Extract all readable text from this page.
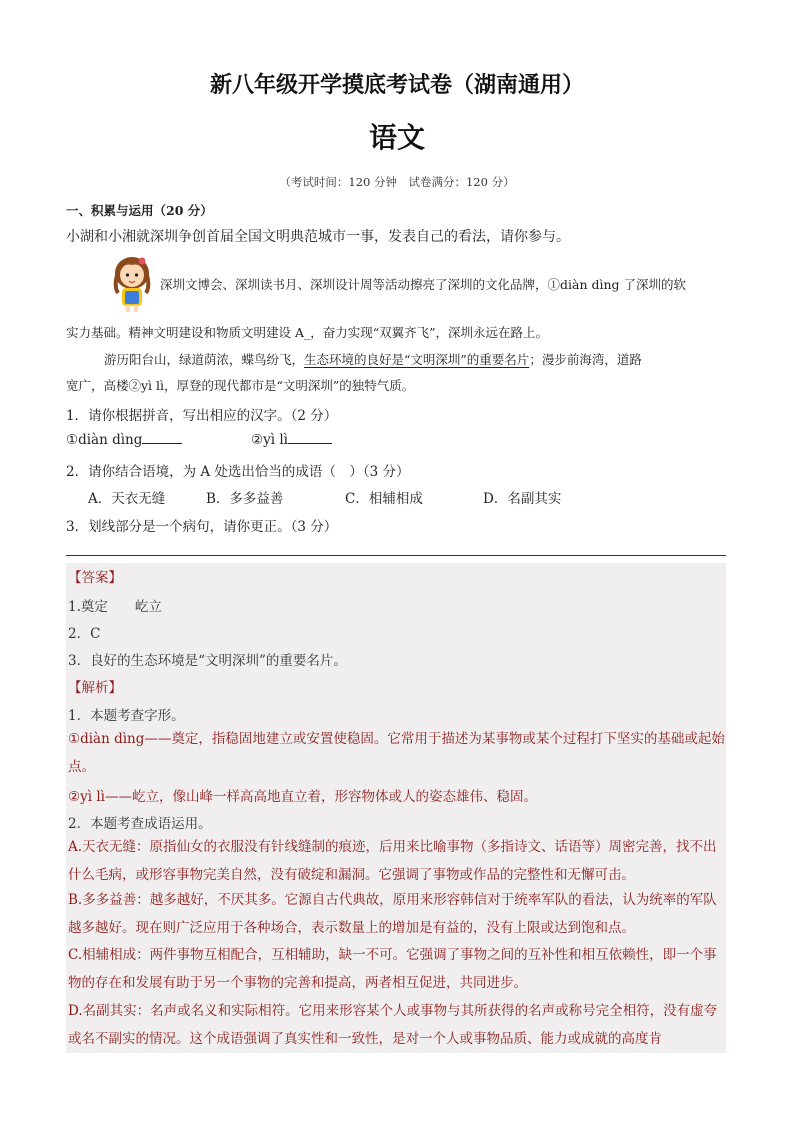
新八年级开学摸底考试卷（湖南通用）
语文
（考试时间：120 分钟　试卷满分：120 分）
一、积累与运用（20 分）
小湖和小湘就深圳争创首届全国文明典范城市一事，发表自己的看法，请你参与。
深圳文博会、深圳读书月、深圳设计周等活动擦亮了深圳的文化品牌，①diàn dìng 了深圳的软
实力基础。精神文明建设和物质文明建设 A_，奋力实现“双翼齐飞”，深圳永远在路上。
游历阳台山，绿道荫浓，蝶鸟纷飞，生态环境的良好是“文明深圳”的重要名片；漫步前海湾，道路
宽广，高楼②yì lì，厚登的现代都市是“文明深圳”的独特气质。
1．请你根据拼音，写出相应的汉字。（2 分）
①diàn dìng	②yì lì
2．请你结合语境，为 A 处选出恰当的成语（　）（3 分）
A．天衣无缝	B．多多益善	C．相辅相成	D．名副其实
3．划线部分是一个病句，请你更正。（3 分）
【答案】
1.奠定　　屹立
2．C
3．良好的生态环境是“文明深圳”的重要名片。
【解析】
1．本题考查字形。
①diàn dìng——奠定，指稳固地建立或安置使稳固。它常用于描述为某事物或某个过程打下坚实的基础或起始点。
②yì lì——屹立，像山峰一样高高地直立着，形容物体或人的姿态雄伟、稳固。
2．本题考查成语运用。
A.天衣无缝：原指仙女的衣服没有针线缝制的痕迹，后用来比喻事物（多指诗文、话语等）周密完善，找不出什么毛病，或形容事物完美自然，没有破绽和漏洞。它强调了事物或作品的完整性和无懈可击。
B.多多益善：越多越好，不厌其多。它源自古代典故，原用来形容韩信对于统率军队的看法，认为统率的军队越多越好。现在则广泛应用于各种场合，表示数量上的增加是有益的，没有上限或达到饱和点。
C.相辅相成：两件事物互相配合，互相辅助，缺一不可。它强调了事物之间的互补性和相互依赖性，即一个事物的存在和发展有助于另一个事物的完善和提高，两者相互促进，共同进步。
D.名副其实：名声或名义和实际相符。它用来形容某个人或事物与其所获得的名声或称号完全相符，没有虚夸或名不副实的情况。这个成语强调了真实性和一致性，是对一个人或事物品质、能力或成就的高度肯
